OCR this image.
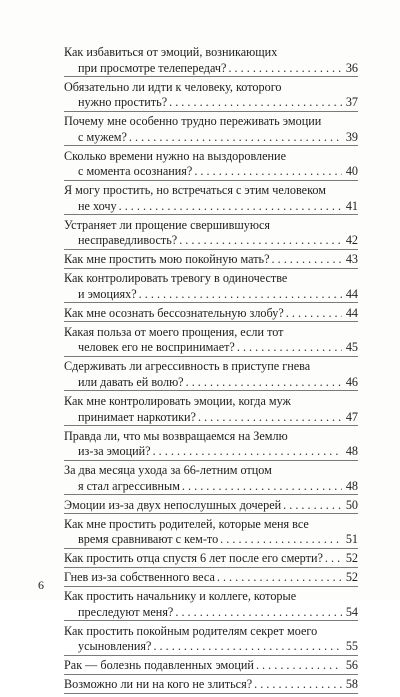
Как избавиться от эмоций, возникающих
при просмотре телепередач? . . .	36
Обязательно ли идти к человеку, которого
нужно простить? . . .	37
Почему мне особенно трудно переживать эмоции
с мужем? . . .	39
Сколько времени нужно на выздоровление
с момента осознания? . . .	40
Я могу простить, но встречаться с этим человеком
не хочу . . .	41
Устраняет ли прощение свершившуюся
несправедливость? . . .	42
Как мне простить мою покойную мать? . . .	43
Как контролировать тревогу в одиночестве
и эмоциях? . . .	44
Как мне осознать бессознательную злобу? . . .	44
Какая польза от моего прощения, если тот
человек его не воспринимает? . . .	45
Сдерживать ли агрессивность в приступе гнева
или давать ей волю? . . .	46
Как мне контролировать эмоции, когда муж
принимает наркотики? . . .	47
Правда ли, что мы возвращаемся на Землю
из-за эмоций? . . .	48
За два месяца ухода за 66-летним отцом
я стал агрессивным . . .	48
Эмоции из-за двух непослушных дочерей . . .	50
Как мне простить родителей, которые меня все
время сравнивают с кем-то . . .	51
Как простить отца спустя 6 лет после его смерти? . . . 52
Гнев из-за собственного веса . . .	52
Как простить начальнику и коллеге, которые
преследуют меня? . . .	54
Как простить покойным родителям секрет моего
усыновления? . . .	55
Рак — болезнь подавленных эмоций . . .	56
Возможно ли ни на кого не злиться? . . .	58
6
